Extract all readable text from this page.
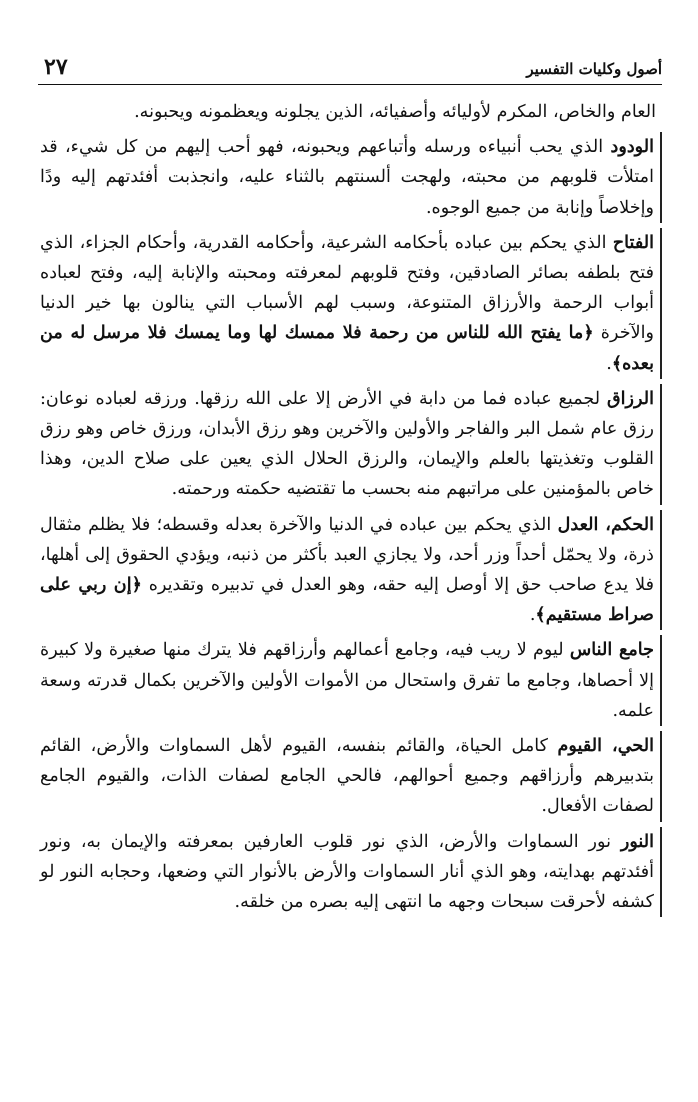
٢٧	أصول وكليات التفسير

العام والخاص، المكرم لأوليائه وأصفيائه، الذين يجلونه ويعظمونه ويحبونه.

الودود الذي يحب أنبياءه ورسله وأتباعهم ويحبونه، فهو أحب إليهم من كل شيء، قد امتلأت قلوبهم من محبته، ولهجت ألسنتهم بالثناء عليه، وانجذبت أفئدتهم إليه ودًا وإخلاصاً وإنابة من جميع الوجوه.

الفتاح الذي يحكم بين عباده بأحكامه الشرعية، وأحكامه القدرية، وأحكام الجزاء، الذي فتح بلطفه بصائر الصادقين، وفتح قلوبهم لمعرفته ومحبته والإنابة إليه، وفتح لعباده أبواب الرحمة والأرزاق المتنوعة، وسبب لهم الأسباب التي ينالون بها خير الدنيا والآخرة ﴿ما يفتح الله للناس من رحمة فلا ممسك لها وما يمسك فلا مرسل له من بعده﴾.

الرزاق لجميع عباده فما من دابة في الأرض إلا على الله رزقها. ورزقه لعباده نوعان: رزق عام شمل البر والفاجر والأولين والآخرين وهو رزق الأبدان، ورزق خاص وهو رزق القلوب وتغذيتها بالعلم والإيمان، والرزق الحلال الذي يعين على صلاح الدين، وهذا خاص بالمؤمنين على مراتبهم منه بحسب ما تقتضيه حكمته ورحمته.

الحكم، العدل الذي يحكم بين عباده في الدنيا والآخرة بعدله وقسطه؛ فلا يظلم مثقال ذرة، ولا يحمّل أحداً وزر أحد، ولا يجازي العبد بأكثر من ذنبه، ويؤدي الحقوق إلى أهلها، فلا يدع صاحب حق إلا أوصل إليه حقه، وهو العدل في تدبيره وتقديره ﴿إن ربي على صراط مستقيم﴾.

جامع الناس ليوم لا ريب فيه، وجامع أعمالهم وأرزاقهم فلا يترك منها صغيرة ولا كبيرة إلا أحصاها، وجامع ما تفرق واستحال من الأموات الأولين والآخرين بكمال قدرته وسعة علمه.

الحي، القيوم كامل الحياة، والقائم بنفسه، القيوم لأهل السماوات والأرض، القائم بتدبيرهم وأرزاقهم وجميع أحوالهم، فالحي الجامع لصفات الذات، والقيوم الجامع لصفات الأفعال.

النور نور السماوات والأرض، الذي نور قلوب العارفين بمعرفته والإيمان به، ونور أفئدتهم بهدايته، وهو الذي أنار السماوات والأرض بالأنوار التي وضعها، وحجابه النور لو كشفه لأحرقت سبحات وجهه ما انتهى إليه بصره من خلقه.
